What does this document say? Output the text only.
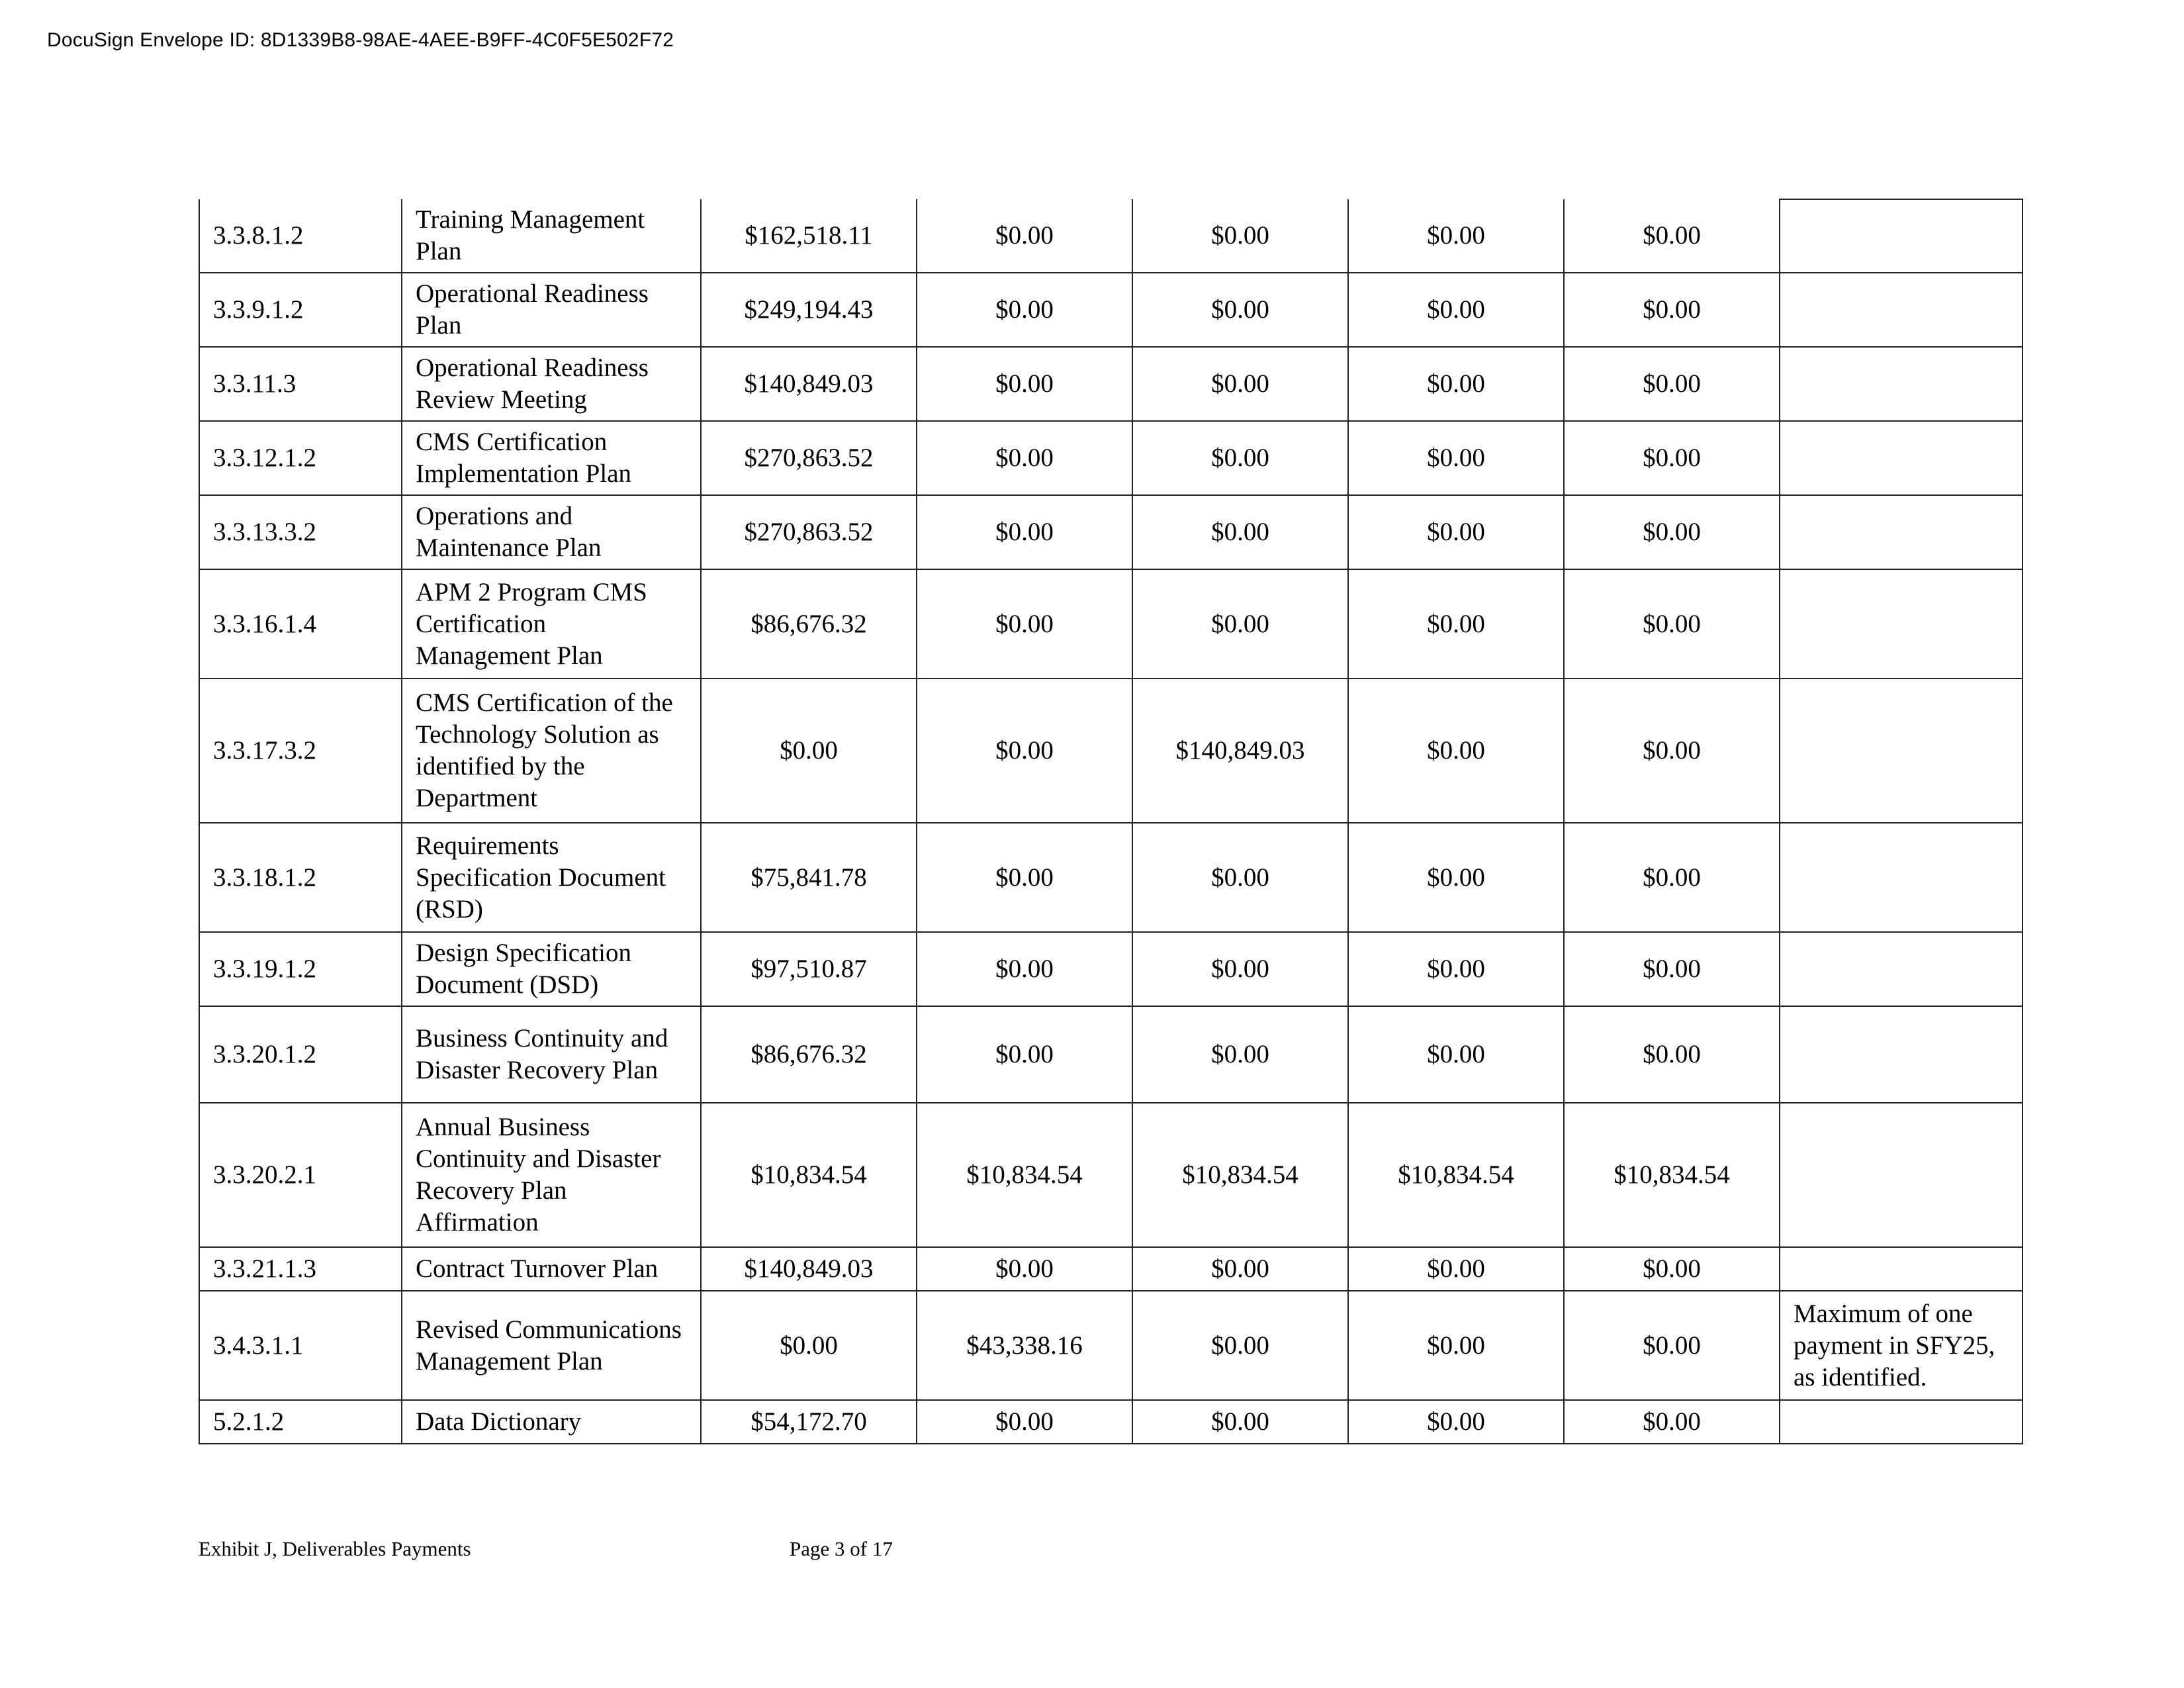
DocuSign Envelope ID: 8D1339B8-98AE-4AEE-B9FF-4C0F5E502F72
3.3.8.1.2	Training Management Plan	$162,518.11	$0.00	$0.00	$0.00	$0.00	
3.3.9.1.2	Operational Readiness Plan	$249,194.43	$0.00	$0.00	$0.00	$0.00	
3.3.11.3	Operational Readiness Review Meeting	$140,849.03	$0.00	$0.00	$0.00	$0.00	
3.3.12.1.2	CMS Certification Implementation Plan	$270,863.52	$0.00	$0.00	$0.00	$0.00	
3.3.13.3.2	Operations and Maintenance Plan	$270,863.52	$0.00	$0.00	$0.00	$0.00	
3.3.16.1.4	APM 2 Program CMS Certification Management Plan	$86,676.32	$0.00	$0.00	$0.00	$0.00	
3.3.17.3.2	CMS Certification of the Technology Solution as identified by the Department	$0.00	$0.00	$140,849.03	$0.00	$0.00	
3.3.18.1.2	Requirements Specification Document (RSD)	$75,841.78	$0.00	$0.00	$0.00	$0.00	
3.3.19.1.2	Design Specification Document (DSD)	$97,510.87	$0.00	$0.00	$0.00	$0.00	
3.3.20.1.2	Business Continuity and Disaster Recovery Plan	$86,676.32	$0.00	$0.00	$0.00	$0.00	
3.3.20.2.1	Annual Business Continuity and Disaster Recovery Plan Affirmation	$10,834.54	$10,834.54	$10,834.54	$10,834.54	$10,834.54	
3.3.21.1.3	Contract Turnover Plan	$140,849.03	$0.00	$0.00	$0.00	$0.00	
3.4.3.1.1	Revised Communications Management Plan	$0.00	$43,338.16	$0.00	$0.00	$0.00	Maximum of one payment in SFY25, as identified.
5.2.1.2	Data Dictionary	$54,172.70	$0.00	$0.00	$0.00	$0.00	
Exhibit J, Deliverables Payments	Page 3 of 17
